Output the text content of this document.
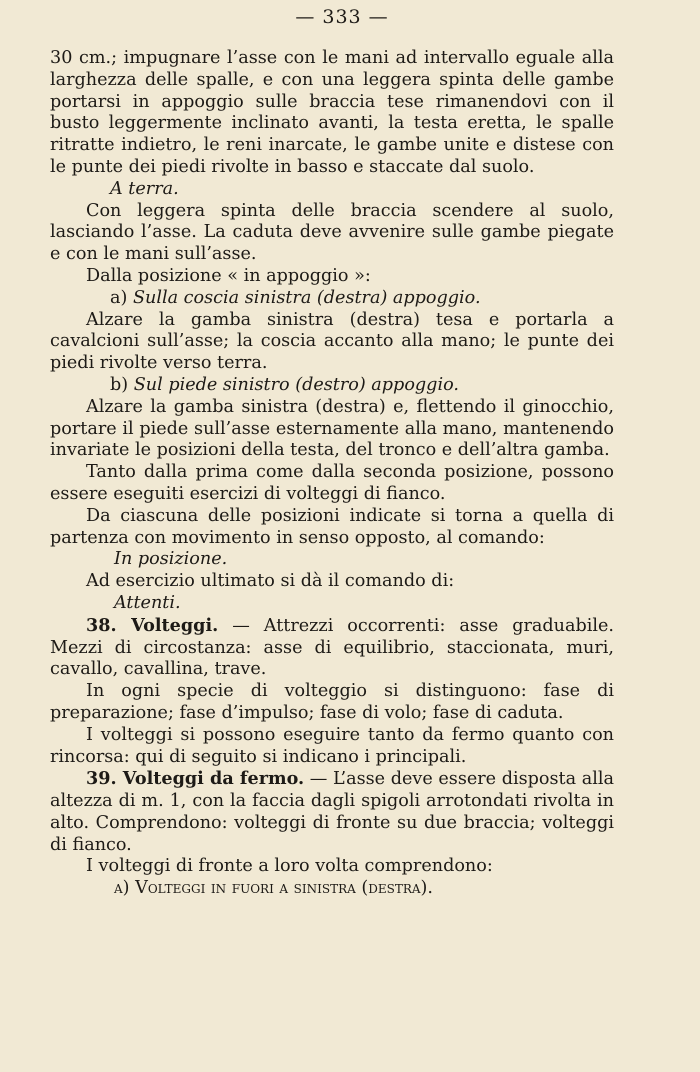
— 333 —

30 cm.; impugnare l’asse con le mani ad intervallo eguale alla larghezza delle spalle, e con una leggera spinta delle gambe portarsi in appoggio sulle braccia tese rimanendovi con il busto leggermente inclinato avanti, la testa eretta, le spalle ritratte indietro, le reni inarcate, le gambe unite e distese con le punte dei piedi rivolte in basso e staccate dal suolo.

A terra.

Con leggera spinta delle braccia scendere al suolo, lasciando l’asse. La caduta deve avvenire sulle gambe piegate e con le mani sull’asse.

Dalla posizione « in appoggio »:

a) Sulla coscia sinistra (destra) appoggio.

Alzare la gamba sinistra (destra) tesa e portarla a cavalcioni sull’asse; la coscia accanto alla mano; le punte dei piedi rivolte verso terra.

b) Sul piede sinistro (destro) appoggio.

Alzare la gamba sinistra (destra) e, flettendo il ginocchio, portare il piede sull’asse esternamente alla mano, mantenendo invariate le posizioni della testa, del tronco e dell’altra gamba.

Tanto dalla prima come dalla seconda posizione, possono essere eseguiti esercizi di volteggi di fianco.

Da ciascuna delle posizioni indicate si torna a quella di partenza con movimento in senso opposto, al comando:

In posizione.

Ad esercizio ultimato si dà il comando di:

Attenti.

38. Volteggi. — Attrezzi occorrenti: asse graduabile. Mezzi di circostanza: asse di equilibrio, staccionata, muri, cavallo, cavallina, trave.

In ogni specie di volteggio si distinguono: fase di preparazione; fase d’impulso; fase di volo; fase di caduta.

I volteggi si possono eseguire tanto da fermo quanto con rincorsa: qui di seguito si indicano i principali.

39. Volteggi da fermo. — L’asse deve essere disposta alla altezza di m. 1, con la faccia dagli spigoli arrotondati rivolta in alto. Comprendono: volteggi di fronte su due braccia; volteggi di fianco.

I volteggi di fronte a loro volta comprendono:

a) Volteggi in fuori a sinistra (destra).
